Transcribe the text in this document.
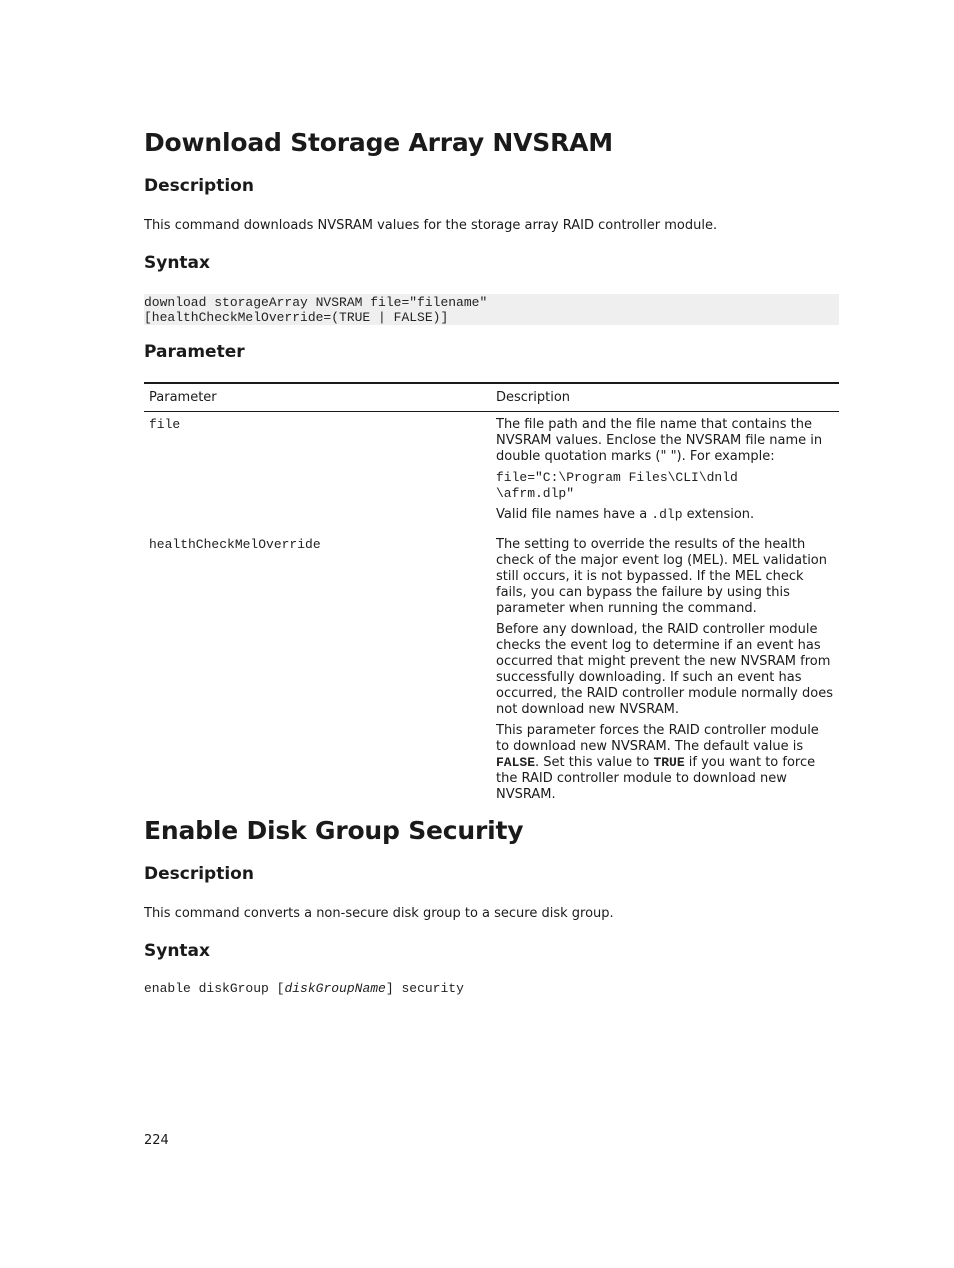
Download Storage Array NVSRAM
Description

This command downloads NVSRAM values for the storage array RAID controller module.

Syntax
download storageArray NVSRAM file="filename"
[healthCheckMelOverride=(TRUE | FALSE)]
Parameter
Parameter	Description
file	The file path and the file name that contains the NVSRAM values. Enclose the NVSRAM file name in double quotation marks (" "). For example:

file="C:\Program Files\CLI\dnld
\afrm.dlp"

Valid file names have a .dlp extension.

healthCheckMelOverride	The setting to override the results of the health check of the major event log (MEL). MEL validation still occurs, it is not bypassed. If the MEL check fails, you can bypass the failure by using this parameter when running the command.

Before any download, the RAID controller module checks the event log to determine if an event has occurred that might prevent the new NVSRAM from successfully downloading. If such an event has occurred, the RAID controller module normally does not download new NVSRAM.

This parameter forces the RAID controller module to download new NVSRAM. The default value is FALSE. Set this value to TRUE if you want to force the RAID controller module to download new NVSRAM.

Enable Disk Group Security
Description

This command converts a non-secure disk group to a secure disk group.

Syntax
enable diskGroup [diskGroupName] security
224
